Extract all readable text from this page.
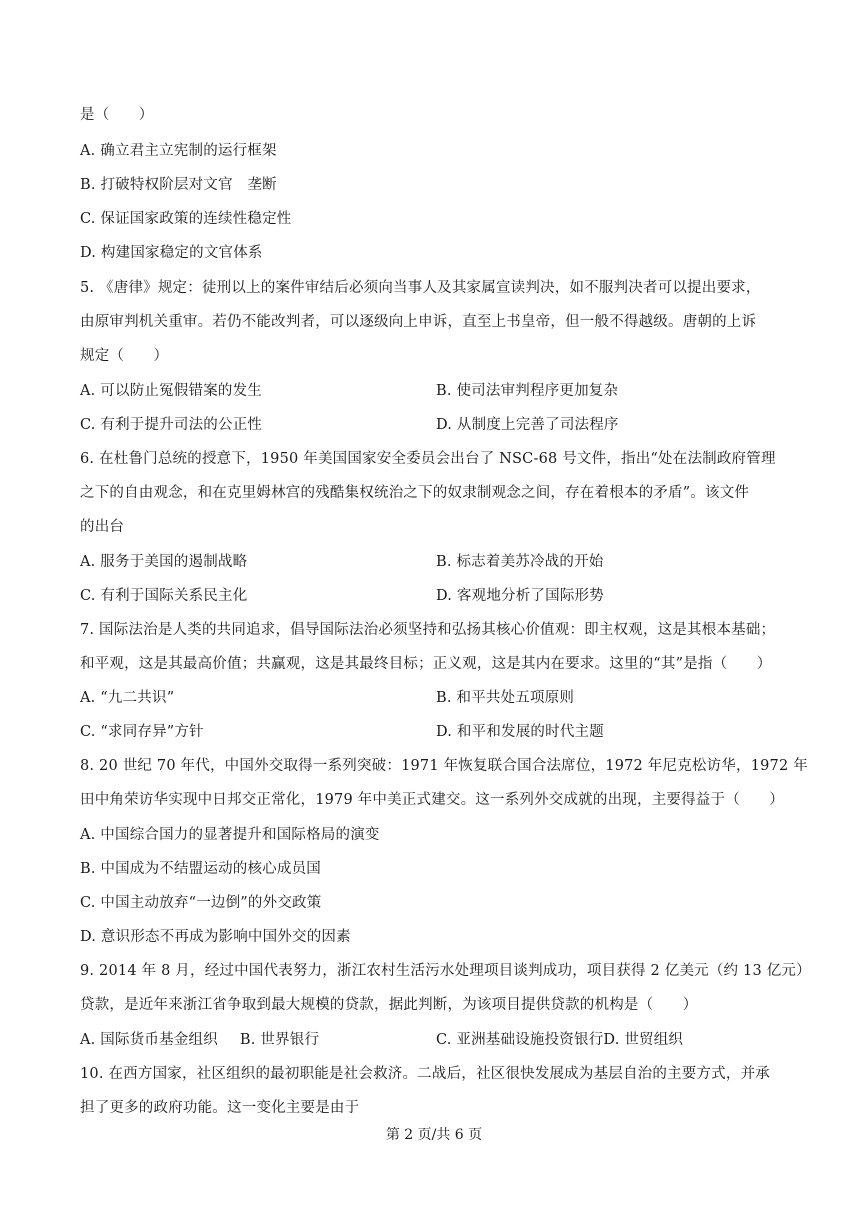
是（　　）
A. 确立君主立宪制的运行框架
B. 打破特权阶层对文官　垄断
C. 保证国家政策的连续性稳定性
D. 构建国家稳定的文官体系
5. 《唐律》规定：徒刑以上的案件审结后必须向当事人及其家属宣读判决，如不服判决者可以提出要求，
由原审判机关重审。若仍不能改判者，可以逐级向上申诉，直至上书皇帝，但一般不得越级。唐朝的上诉
规定（　　）
A. 可以防止冤假错案的发生	B. 使司法审判程序更加复杂
C. 有利于提升司法的公正性	D. 从制度上完善了司法程序
6. 在杜鲁门总统的授意下，1950 年美国国家安全委员会出台了 NSC-68 号文件，指出“处在法制政府管理
之下的自由观念，和在克里姆林宫的残酷集权统治之下的奴隶制观念之间，存在着根本的矛盾”。该文件
的出台
A. 服务于美国的遏制战略	B. 标志着美苏冷战的开始
C. 有利于国际关系民主化	D. 客观地分析了国际形势
7. 国际法治是人类的共同追求，倡导国际法治必须坚持和弘扬其核心价值观：即主权观，这是其根本基础；
和平观，这是其最高价值；共赢观，这是其最终目标；正义观，这是其内在要求。这里的“其”是指（　　）
A. “九二共识”	B. 和平共处五项原则
C. “求同存异”方针	D. 和平和发展的时代主题
8. 20 世纪 70 年代，中国外交取得一系列突破：1971 年恢复联合国合法席位，1972 年尼克松访华，1972 年
田中角荣访华实现中日邦交正常化，1979 年中美正式建交。这一系列外交成就的出现，主要得益于（　　）
A. 中国综合国力的显著提升和国际格局的演变
B. 中国成为不结盟运动的核心成员国
C. 中国主动放弃“一边倒”的外交政策
D. 意识形态不再成为影响中国外交的因素
9. 2014 年 8 月，经过中国代表努力，浙江农村生活污水处理项目谈判成功，项目获得 2 亿美元（约 13 亿元）
贷款，是近年来浙江省争取到最大规模的贷款，据此判断，为该项目提供贷款的机构是（　　）
A. 国际货币基金组织 B. 世界银行	C. 亚洲基础设施投资银行D. 世贸组织
10. 在西方国家，社区组织的最初职能是社会救济。二战后，社区很快发展成为基层自治的主要方式，并承
担了更多的政府功能。这一变化主要是由于
第 2 页/共 6 页
